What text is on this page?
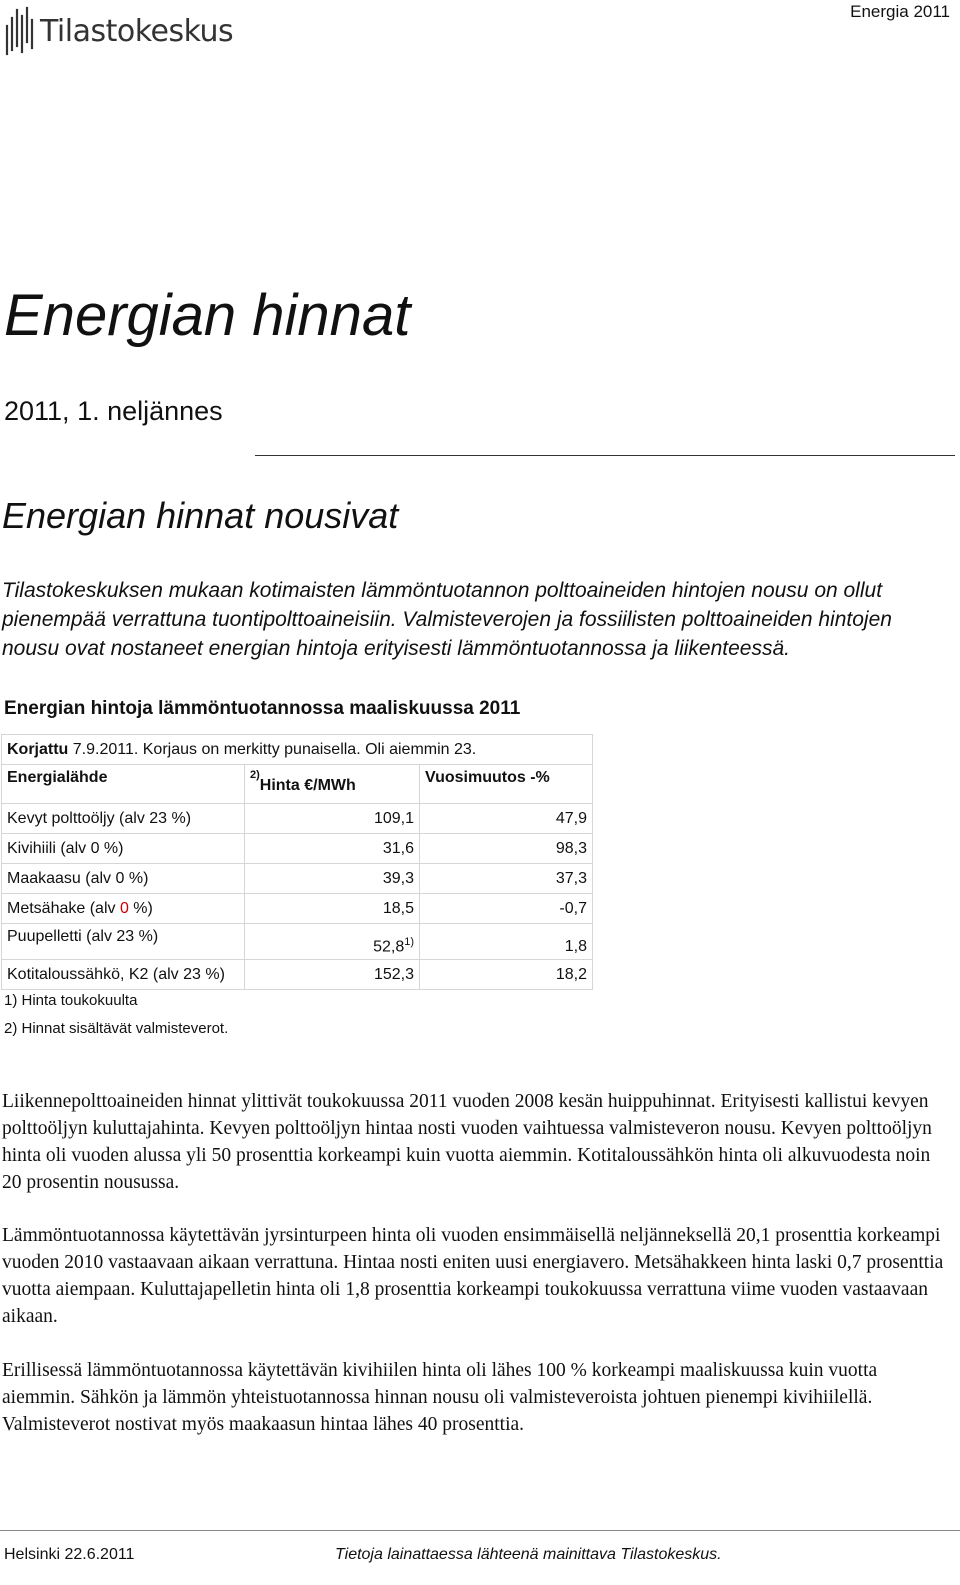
Tilastokeskus
Energia 2011
Energian hinnat
2011, 1. neljännes
Energian hinnat nousivat
Tilastokeskuksen mukaan kotimaisten lämmöntuotannon polttoaineiden hintojen nousu on ollut pienempää verrattuna tuontipolttoaineisiin. Valmisteverojen ja fossiilisten polttoaineiden hintojen nousu ovat nostaneet energian hintoja erityisesti lämmöntuotannossa ja liikenteessä.
Energian hintoja lämmöntuotannossa maaliskuussa 2011
Korjattu 7.9.2011. Korjaus on merkitty punaisella. Oli aiemmin 23.		
Energialähde	$^{2)}$Hinta €/MWh	Vuosimuutos -%
Kevyt polttoöljy (alv 23 %)	109,1	47,9
Kivihiili (alv 0 %)	31,6	98,3
Maakaasu (alv 0 %)	39,3	37,3
Metsähake (alv 0 %)	18,5	-0,7
Puupelletti (alv 23 %)	52,8$^{1)}$	1,8
Kotitaloussähkö, K2 (alv 23 %)	152,3	18,2
1) Hinta toukokuulta
2) Hinnat sisältävät valmisteverot.
Liikennepolttoaineiden hinnat ylittivät toukokuussa 2011 vuoden 2008 kesän huippuhinnat. Erityisesti kallistui kevyen polttoöljyn kuluttajahinta. Kevyen polttoöljyn hintaa nosti vuoden vaihtuessa valmisteveron nousu. Kevyen polttoöljyn hinta oli vuoden alussa yli 50 prosenttia korkeampi kuin vuotta aiemmin. Kotitaloussähkön hinta oli alkuvuodesta noin 20 prosentin nousussa.
Lämmöntuotannossa käytettävän jyrsinturpeen hinta oli vuoden ensimmäisellä neljänneksellä 20,1 prosenttia korkeampi vuoden 2010 vastaavaan aikaan verrattuna. Hintaa nosti eniten uusi energiavero. Metsähakkeen hinta laski 0,7 prosenttia vuotta aiempaan. Kuluttajapelletin hinta oli 1,8 prosenttia korkeampi toukokuussa verrattuna viime vuoden vastaavaan aikaan.
Erillisessä lämmöntuotannossa käytettävän kivihiilen hinta oli lähes 100 % korkeampi maaliskuussa kuin vuotta aiemmin. Sähkön ja lämmön yhteistuotannossa hinnan nousu oli valmisteveroista johtuen pienempi kivihiilellä. Valmisteverot nostivat myös maakaasun hintaa lähes 40 prosenttia.
Helsinki 22.6.2011	Tietoja lainattaessa lähteenä mainittava Tilastokeskus.
